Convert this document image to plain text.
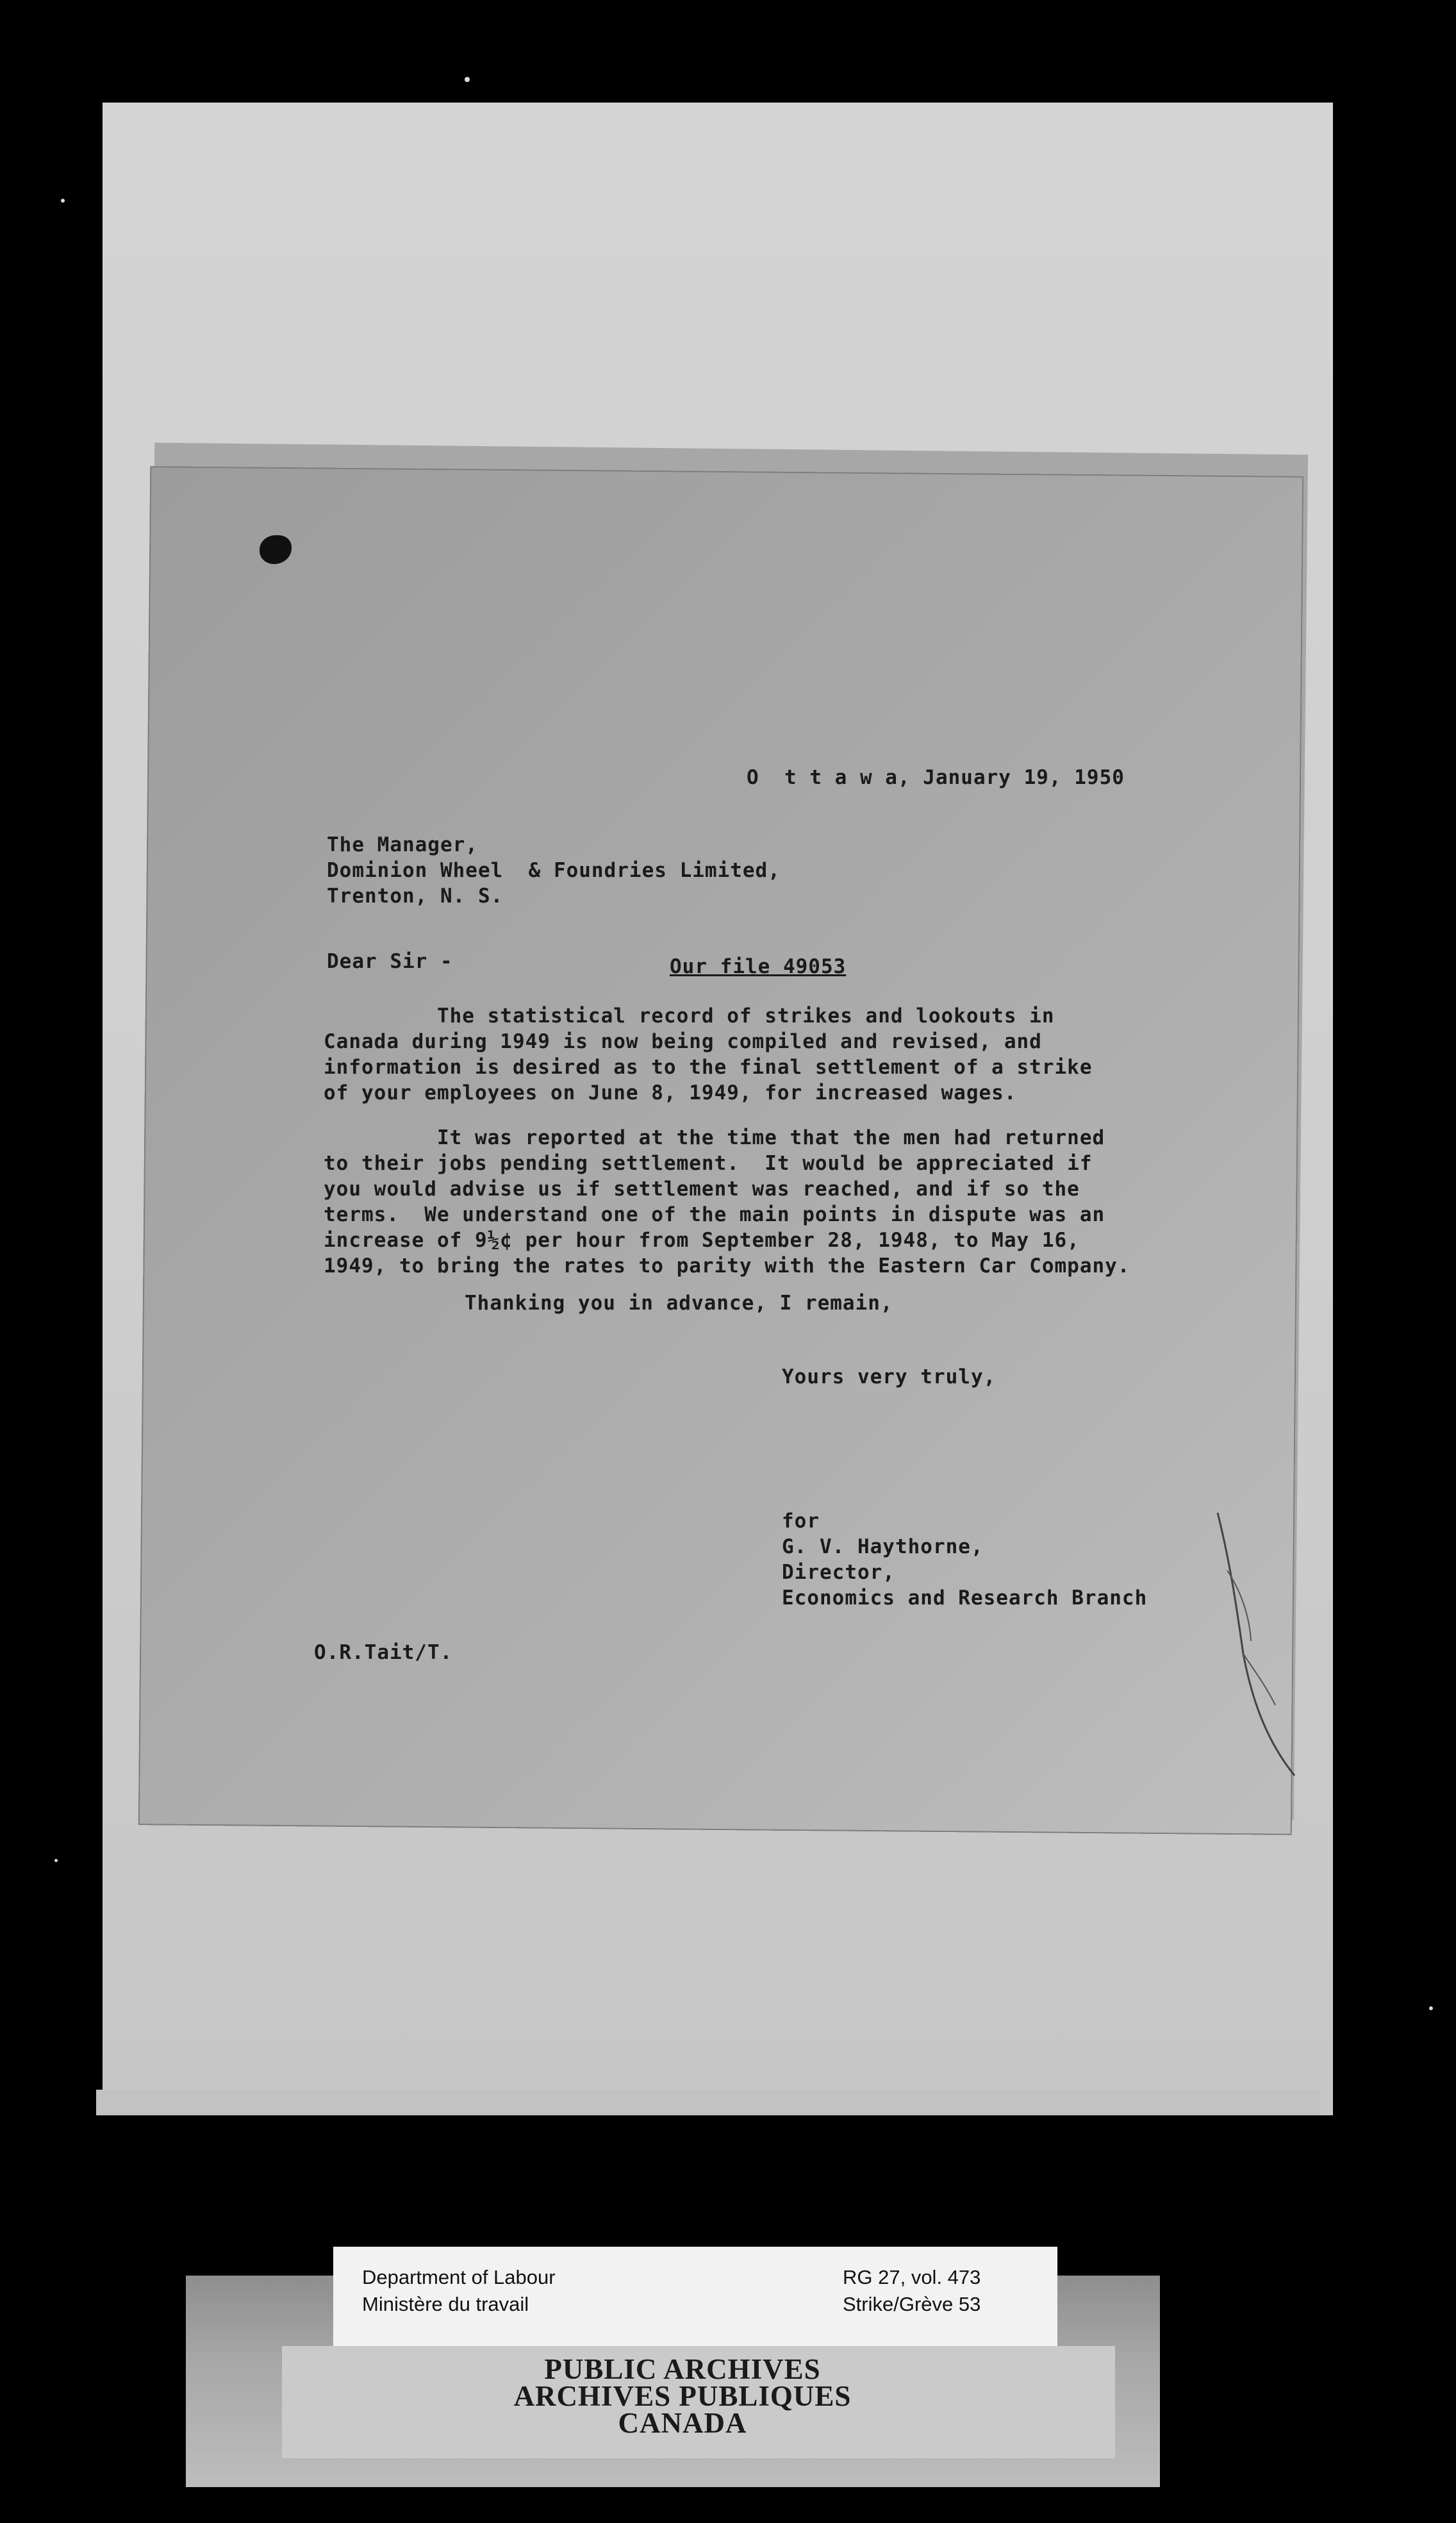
O  t t a w a, January 19, 1950
The Manager,
Dominion Wheel  & Foundries Limited,
Trenton, N. S.
Dear Sir -	Our file 49053
The statistical record of strikes and lookouts in
Canada during 1949 is now being compiled and revised, and
information is desired as to the final settlement of a strike
of your employees on June 8, 1949, for increased wages.
It was reported at the time that the men had returned
to their jobs pending settlement.  It would be appreciated if
you would advise us if settlement was reached, and if so the
terms.  We understand one of the main points in dispute was an
increase of 9½¢ per hour from September 28, 1948, to May 16,
1949, to bring the rates to parity with the Eastern Car Company.
Thanking you in advance, I remain,
Yours very truly,
for
G. V. Haythorne,
Director,
Economics and Research Branch
O.R.Tait/T.
Department of Labour
Ministère du travail
RG 27, vol. 473
Strike/Grève 53
PUBLIC ARCHIVES
ARCHIVES PUBLIQUES
CANADA
